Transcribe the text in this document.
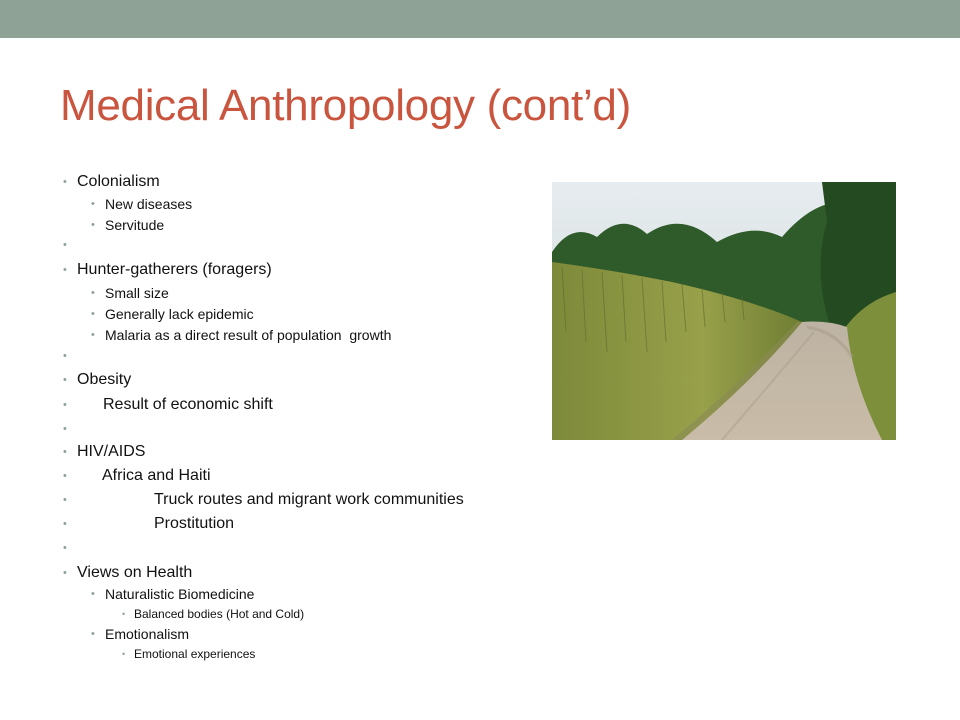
Medical Anthropology (cont’d)
• Colonialism
• New diseases
• Servitude
• Hunter-gatherers (foragers)
• Small size
• Generally lack epidemic
• Malaria as a direct result of population  growth
• Obesity
• Result of economic shift
• HIV/AIDS
• Africa and Haiti
• Truck routes and migrant work communities
• Prostitution
• Views on Health
• Naturalistic Biomedicine
• Balanced bodies (Hot and Cold)
• Emotionalism
• Emotional experiences
